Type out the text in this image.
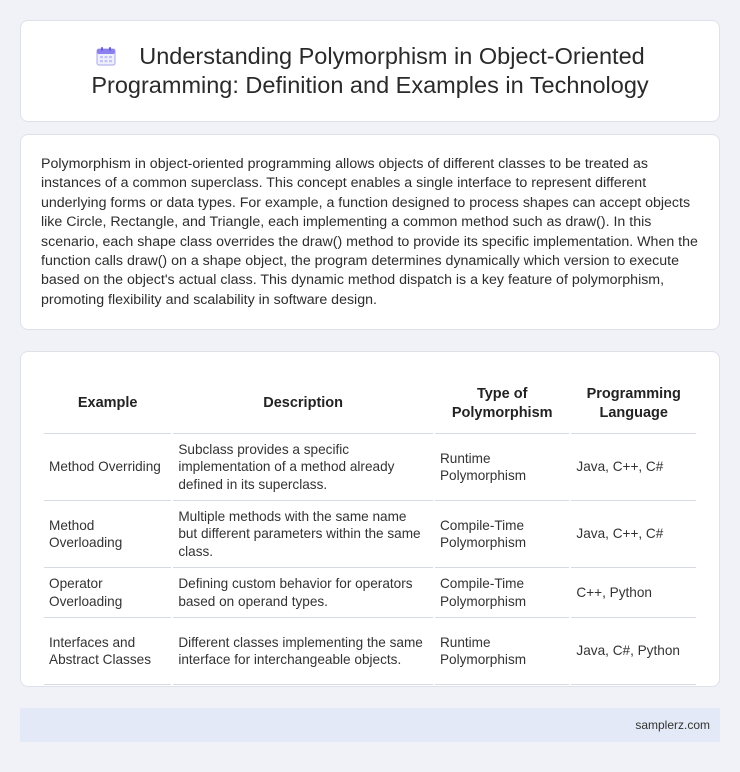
Understanding Polymorphism in Object-Oriented Programming: Definition and Examples in Technology

Polymorphism in object-oriented programming allows objects of different classes to be treated as instances of a common superclass. This concept enables a single interface to represent different underlying forms or data types. For example, a function designed to process shapes can accept objects like Circle, Rectangle, and Triangle, each implementing a common method such as draw(). In this scenario, each shape class overrides the draw() method to provide its specific implementation. When the function calls draw() on a shape object, the program determines dynamically which version to execute based on the object's actual class. This dynamic method dispatch is a key feature of polymorphism, promoting flexibility and scalability in software design.

Example	Description	Type of Polymorphism	Programming Language
Method Overriding	Subclass provides a specific implementation of a method already defined in its superclass.	Runtime Polymorphism	Java, C++, C#
Method Overloading	Multiple methods with the same name but different parameters within the same class.	Compile-Time Polymorphism	Java, C++, C#
Operator Overloading	Defining custom behavior for operators based on operand types.	Compile-Time Polymorphism	C++, Python
Interfaces and Abstract Classes	Different classes implementing the same interface for interchangeable objects.	Runtime Polymorphism	Java, C#, Python
samplerz.com
